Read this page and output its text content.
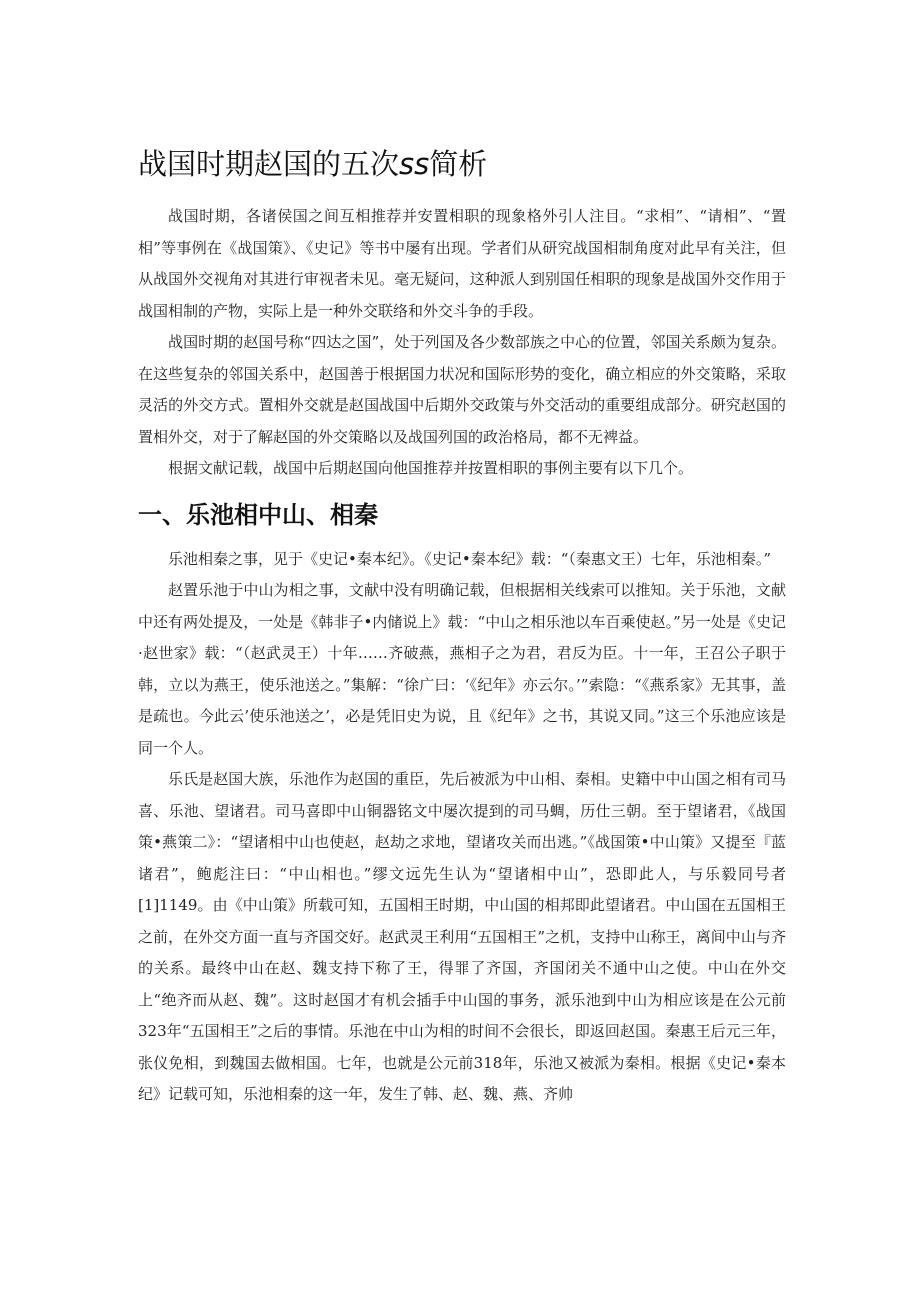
战国时期赵国的五次ss简析

战国时期，各诸侯国之间互相推荐并安置相职的现象格外引人注目。“求相”、“请相”、“置相”等事例在《战国策》、《史记》等书中屡有出现。学者们从研究战国相制角度对此早有关注，但从战国外交视角对其进行审视者未见。毫无疑问，这种派人到别国任相职的现象是战国外交作用于战国相制的产物，实际上是一种外交联络和外交斗争的手段。

战国时期的赵国号称“四达之国”，处于列国及各少数部族之中心的位置，邻国关系颇为复杂。在这些复杂的邻国关系中，赵国善于根据国力状况和国际形势的变化，确立相应的外交策略，采取灵活的外交方式。置相外交就是赵国战国中后期外交政策与外交活动的重要组成部分。研究赵国的置相外交，对于了解赵国的外交策略以及战国列国的政治格局，都不无裨益。

根据文献记载，战国中后期赵国向他国推荐并按置相职的事例主要有以下几个。

一、乐池相中山、相秦

乐池相秦之事，见于《史记•秦本纪》。《史记•秦本纪》载：“（秦惠文王）七年，乐池相秦。”

赵置乐池于中山为相之事，文献中没有明确记载，但根据相关线索可以推知。关于乐池，文献中还有两处提及，一处是《韩非子•内储说上》载：“中山之相乐池以车百乘使赵。”另一处是《史记·赵世家》载：“（赵武灵王）十年……齐破燕，燕相子之为君，君反为臣。十一年，王召公子职于韩，立以为燕王，使乐池送之。”集解：“徐广曰：‘《纪年》亦云尔。’”索隐：“《燕系家》无其事，盖是疏也。今此云’使乐池送之’，必是凭旧史为说，且《纪年》之书，其说又同。”这三个乐池应该是同一个人。

乐氏是赵国大族，乐池作为赵国的重臣，先后被派为中山相、秦相。史籍中中山国之相有司马喜、乐池、望诸君。司马喜即中山铜器铭文中屡次提到的司马蜩，历仕三朝。至于望诸君，《战国策•燕策二》：“望诸相中山也使赵，赵劫之求地，望诸攻关而出逃。”《战国策•中山策》又提至『蓝诸君”，鲍彪注曰：“中山相也。”缪文远先生认为“望诸相中山”，恐即此人，与乐毅同号者[1]1149。由《中山策》所载可知，五国相王时期，中山国的相邦即此望诸君。中山国在五国相王之前，在外交方面一直与齐国交好。赵武灵王利用“五国相王”之机，支持中山称王，离间中山与齐的关系。最终中山在赵、魏支持下称了王，得罪了齐国，齐国闭关不通中山之使。中山在外交上“绝齐而从赵、魏”。这时赵国才有机会插手中山国的事务，派乐池到中山为相应该是在公元前323年“五国相王”之后的事情。乐池在中山为相的时间不会很长，即返回赵国。秦惠王后元三年，张仪免相，到魏国去做相国。七年，也就是公元前318年，乐池又被派为秦相。根据《史记•秦本纪》记载可知，乐池相秦的这一年，发生了韩、赵、魏、燕、齐帅
